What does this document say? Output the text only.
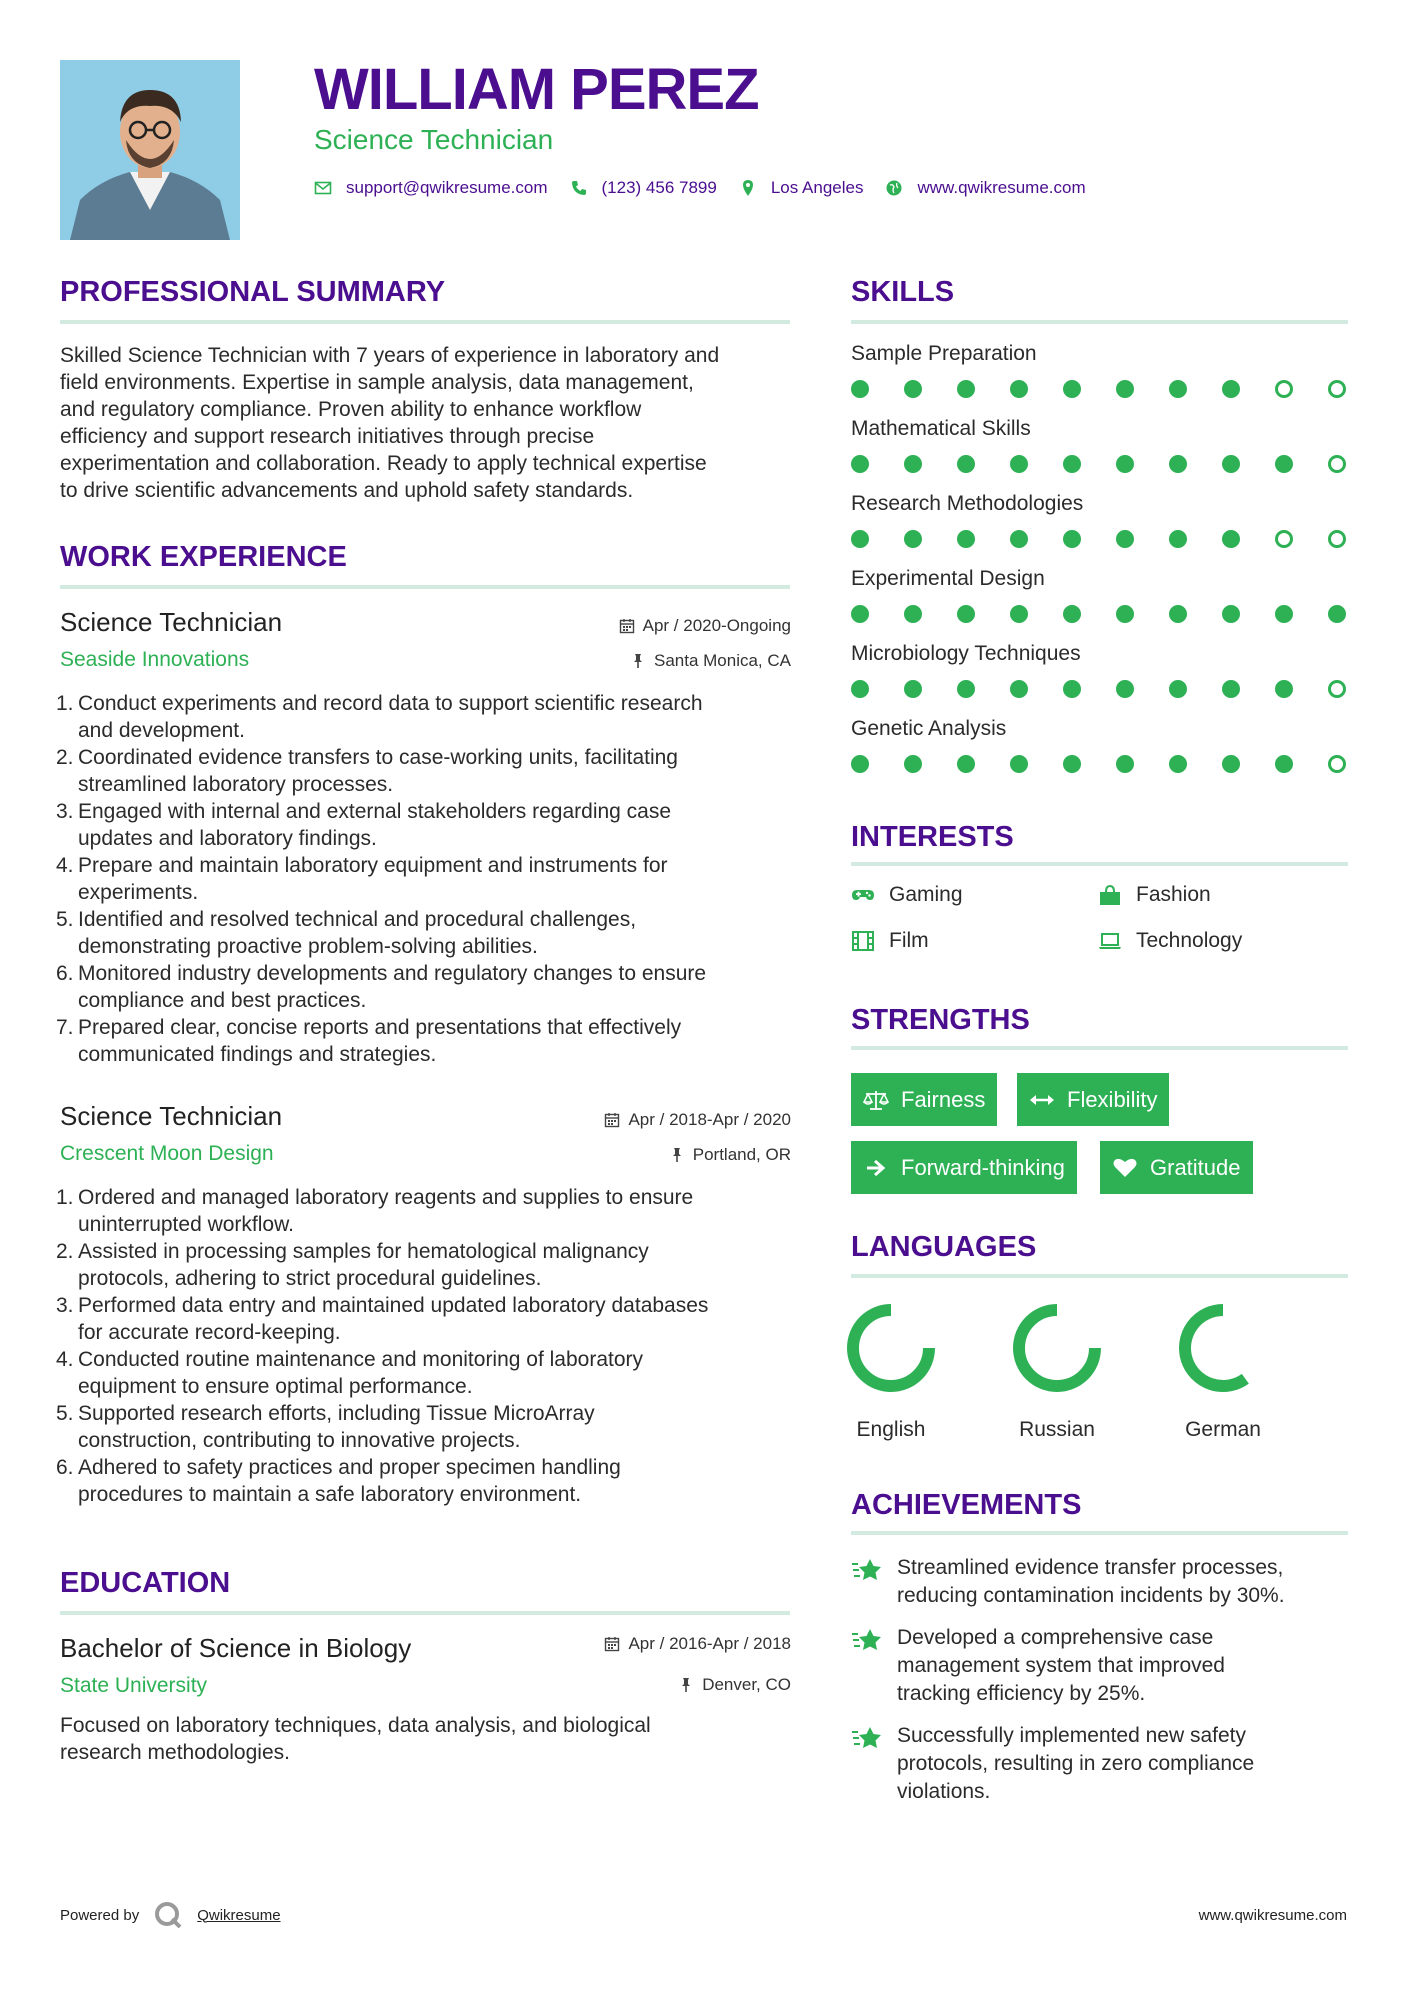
WILLIAM PEREZ
Science Technician
support@qwikresume.com	(123) 456 7899	Los Angeles	www.qwikresume.com
PROFESSIONAL SUMMARY
Skilled Science Technician with 7 years of experience in laboratory and
field environments. Expertise in sample analysis, data management,
and regulatory compliance. Proven ability to enhance workflow
efficiency and support research initiatives through precise
experimentation and collaboration. Ready to apply technical expertise
to drive scientific advancements and uphold safety standards.
WORK EXPERIENCE
Science Technician	Apr / 2020-Ongoing
Seaside Innovations	Santa Monica, CA
1. Conduct experiments and record data to support scientific research
and development.
2. Coordinated evidence transfers to case-working units, facilitating
streamlined laboratory processes.
3. Engaged with internal and external stakeholders regarding case
updates and laboratory findings.
4. Prepare and maintain laboratory equipment and instruments for
experiments.
5. Identified and resolved technical and procedural challenges,
demonstrating proactive problem-solving abilities.
6. Monitored industry developments and regulatory changes to ensure
compliance and best practices.
7. Prepared clear, concise reports and presentations that effectively
communicated findings and strategies.
Science Technician	Apr / 2018-Apr / 2020
Crescent Moon Design	Portland, OR
1. Ordered and managed laboratory reagents and supplies to ensure
uninterrupted workflow.
2. Assisted in processing samples for hematological malignancy
protocols, adhering to strict procedural guidelines.
3. Performed data entry and maintained updated laboratory databases
for accurate record-keeping.
4. Conducted routine maintenance and monitoring of laboratory
equipment to ensure optimal performance.
5. Supported research efforts, including Tissue MicroArray
construction, contributing to innovative projects.
6. Adhered to safety practices and proper specimen handling
procedures to maintain a safe laboratory environment.
EDUCATION
Bachelor of Science in Biology	Apr / 2016-Apr / 2018
State University	Denver, CO
Focused on laboratory techniques, data analysis, and biological
research methodologies.
SKILLS
Sample Preparation
Mathematical Skills
Research Methodologies
Experimental Design
Microbiology Techniques
Genetic Analysis
INTERESTS
Gaming	Fashion
Film	Technology
STRENGTHS
Fairness	Flexibility
Forward-thinking	Gratitude
LANGUAGES
English	Russian	German
ACHIEVEMENTS
Streamlined evidence transfer processes,
reducing contamination incidents by 30%.
Developed a comprehensive case
management system that improved
tracking efficiency by 25%.
Successfully implemented new safety
protocols, resulting in zero compliance
violations.
Powered by	Qwikresume	www.qwikresume.com
